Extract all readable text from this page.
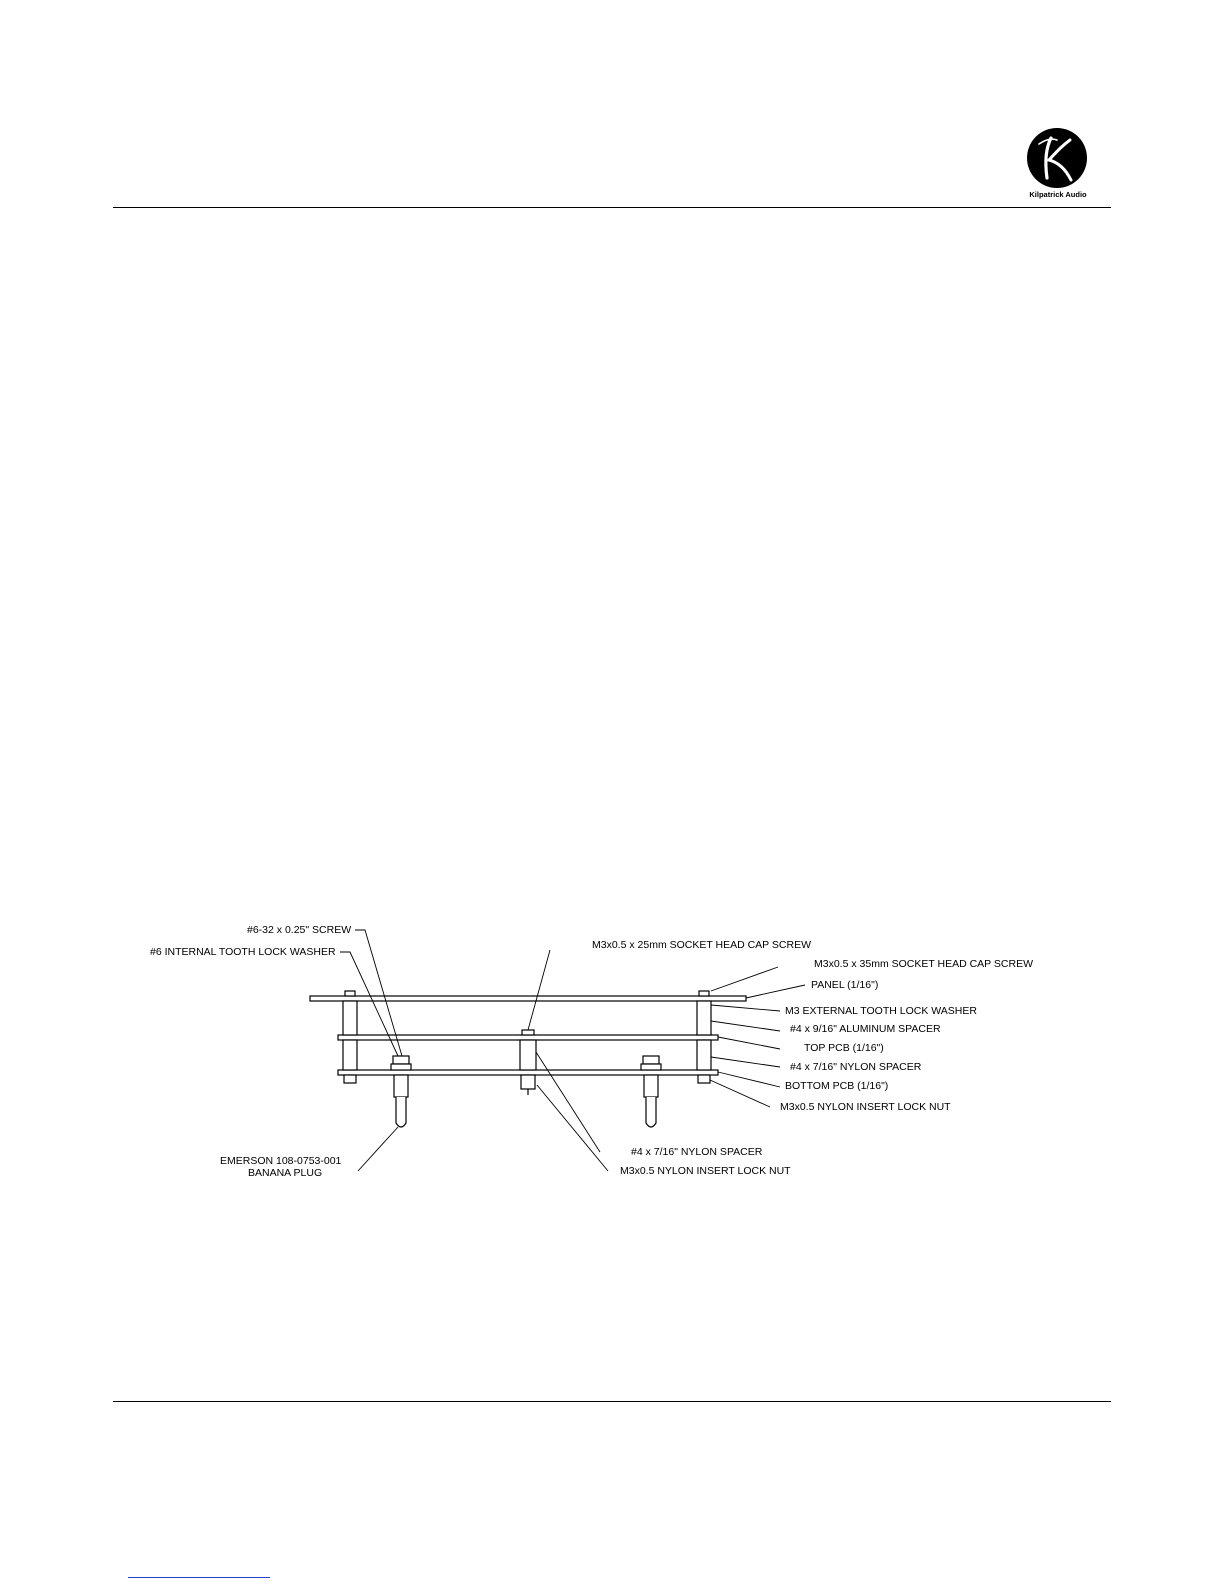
Kilpatrick Audio
#6-32 x 0.25" SCREW
#6 INTERNAL TOOTH LOCK WASHER
M3x0.5 x 25mm SOCKET HEAD CAP SCREW
M3x0.5 x 35mm SOCKET HEAD CAP SCREW
PANEL (1/16")
M3 EXTERNAL TOOTH LOCK WASHER
#4 x 9/16" ALUMINUM SPACER
TOP PCB (1/16")
#4 x 7/16" NYLON SPACER
BOTTOM PCB (1/16")
M3x0.5 NYLON INSERT LOCK NUT
EMERSON 108-0753-001
BANANA PLUG
#4 x 7/16" NYLON SPACER
M3x0.5 NYLON INSERT LOCK NUT
